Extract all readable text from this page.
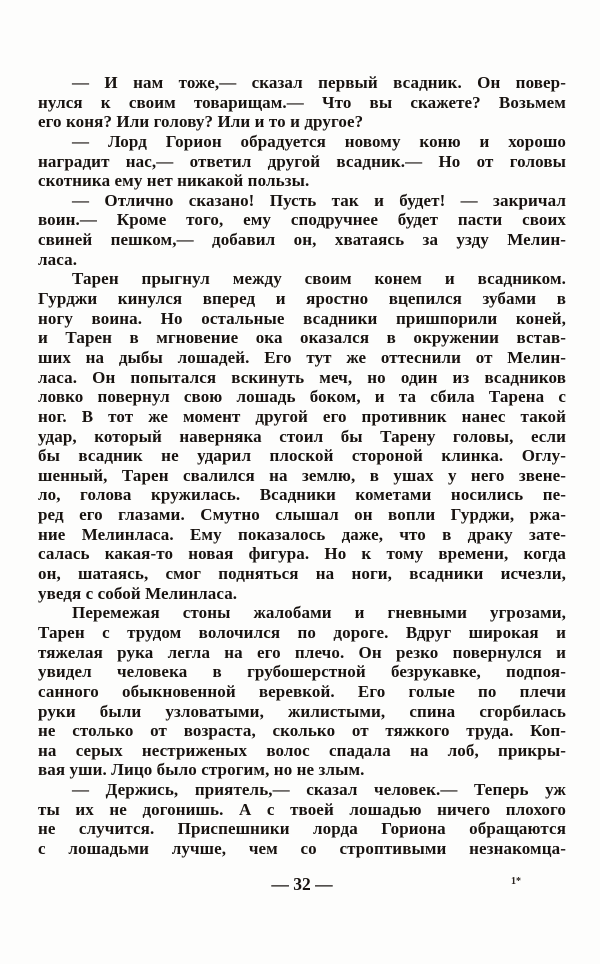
— И нам тоже,— сказал первый всадник. Он повер-
нулся к своим товарищам.— Что вы скажете? Возьмем
его коня? Или голову? Или и то и другое?
— Лорд Горион обрадуется новому коню и хорошо
наградит нас,— ответил другой всадник.— Но от головы
скотника ему нет никакой пользы.
— Отлично сказано! Пусть так и будет! — закричал
воин.— Кроме того, ему сподручнее будет пасти своих
свиней пешком,— добавил он, хватаясь за узду Мелин-
ласа.
Тарен прыгнул между своим конем и всадником.
Гурджи кинулся вперед и яростно вцепился зубами в
ногу воина. Но остальные всадники пришпорили коней,
и Тарен в мгновение ока оказался в окружении встав-
ших на дыбы лошадей. Его тут же оттеснили от Мелин-
ласа. Он попытался вскинуть меч, но один из всадников
ловко повернул свою лошадь боком, и та сбила Тарена с
ног. В тот же момент другой его противник нанес такой
удар, который наверняка стоил бы Тарену головы, если
бы всадник не ударил плоской стороной клинка. Оглу-
шенный, Тарен свалился на землю, в ушах у него звене-
ло, голова кружилась. Всадники кометами носились пе-
ред его глазами. Смутно слышал он вопли Гурджи, ржа-
ние Мелинласа. Ему показалось даже, что в драку зате-
салась какая-то новая фигура. Но к тому времени, когда
он, шатаясь, смог подняться на ноги, всадники исчезли,
уведя с собой Мелинласа.
Перемежая стоны жалобами и гневными угрозами,
Тарен с трудом волочился по дороге. Вдруг широкая и
тяжелая рука легла на его плечо. Он резко повернулся и
увидел человека в грубошерстной безрукавке, подпоя-
санного обыкновенной веревкой. Его голые по плечи
руки были узловатыми, жилистыми, спина сгорбилась
не столько от возраста, сколько от тяжкого труда. Коп-
на серых нестриженых волос спадала на лоб, прикры-
вая уши. Лицо было строгим, но не злым.
— Держись, приятель,— сказал человек.— Теперь уж
ты их не догонишь. А с твоей лошадью ничего плохого
не случится. Приспешники лорда Гориона обращаются
с лошадьми лучше, чем со строптивыми незнакомца-
— 32 —	1*
